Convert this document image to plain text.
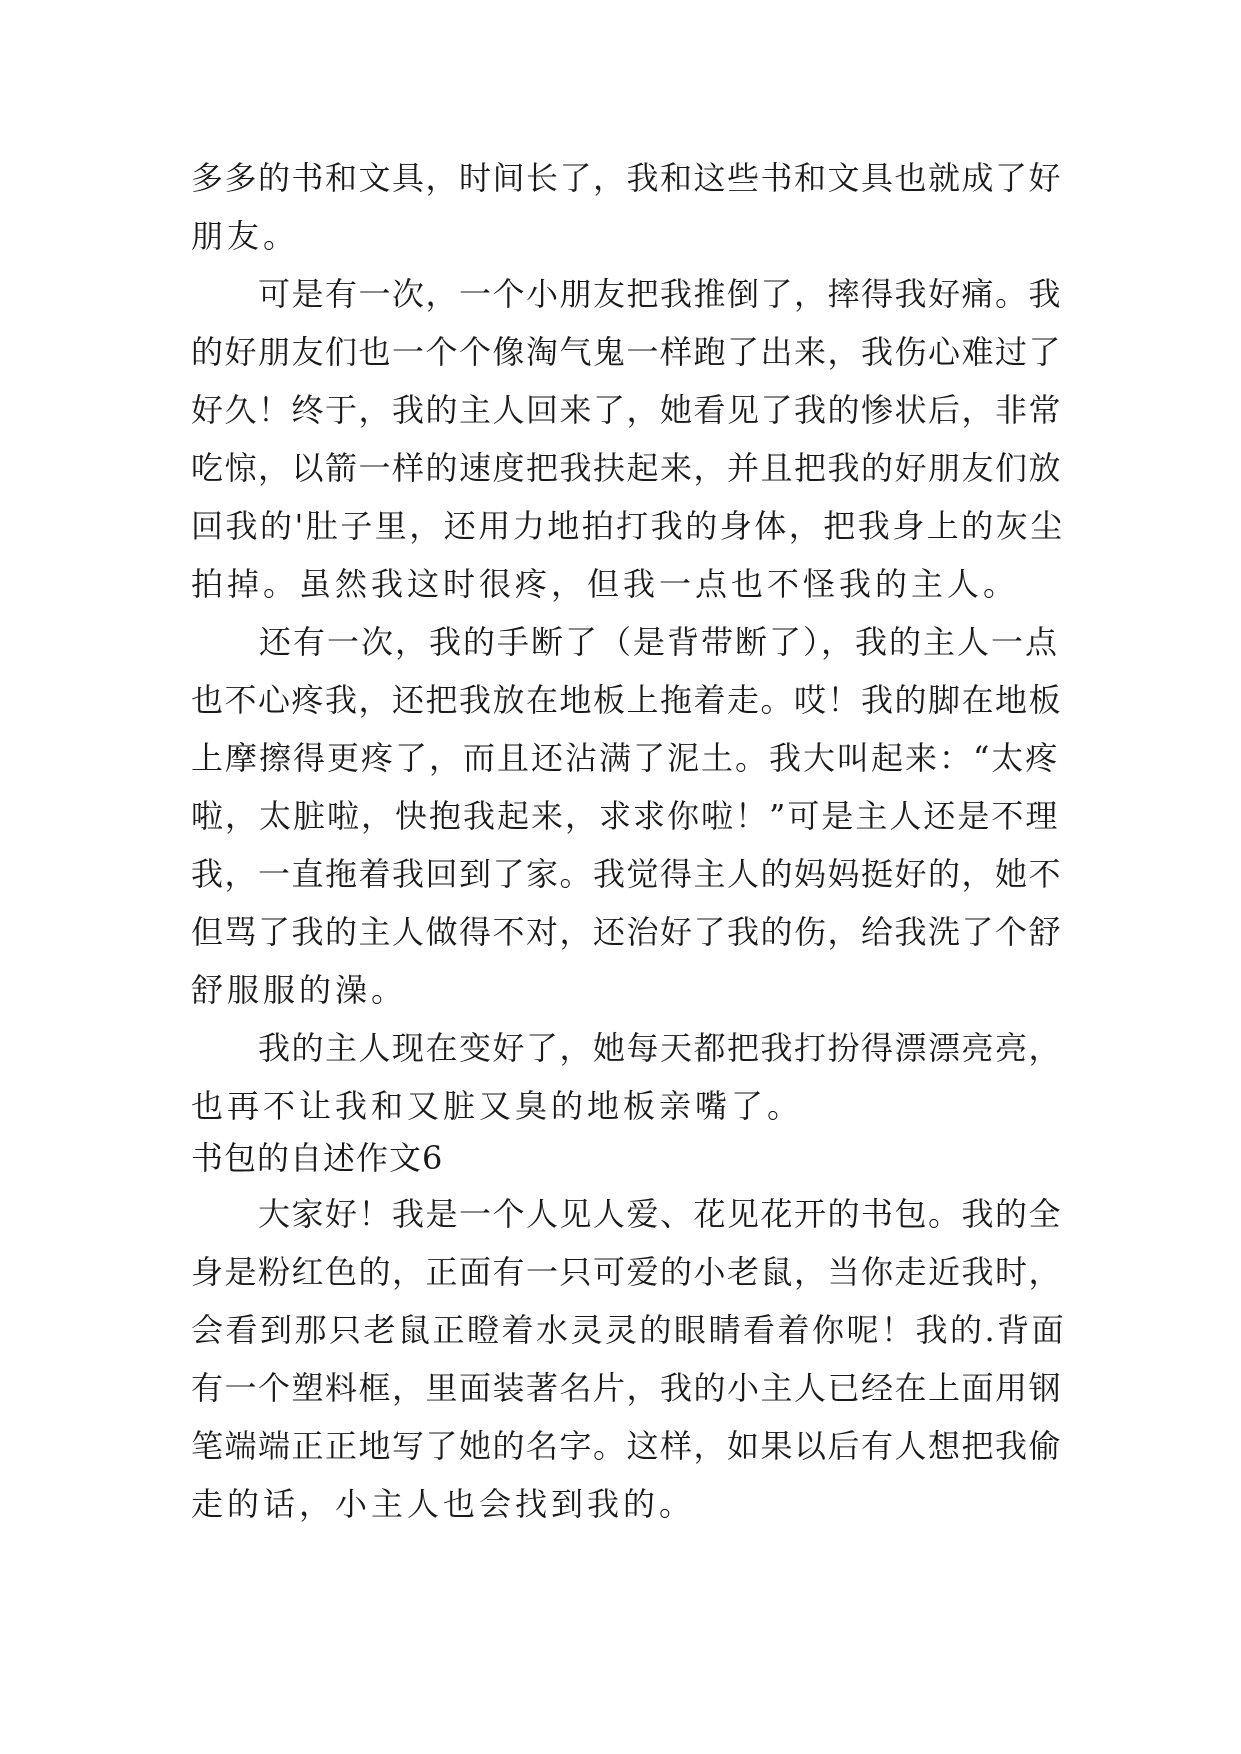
多多的书和文具，时间长了，我和这些书和文具也就成了好
朋友。
　　可是有一次，一个小朋友把我推倒了，摔得我好痛。我
的好朋友们也一个个像淘气鬼一样跑了出来，我伤心难过了
好久！终于，我的主人回来了，她看见了我的惨状后，非常
吃惊，以箭一样的速度把我扶起来，并且把我的好朋友们放
回我的'肚子里，还用力地拍打我的身体，把我身上的灰尘
拍掉。虽然我这时很疼，但我一点也不怪我的主人。
　　还有一次，我的手断了（是背带断了），我的主人一点
也不心疼我，还把我放在地板上拖着走。哎！我的脚在地板
上摩擦得更疼了，而且还沾满了泥土。我大叫起来：“太疼
啦，太脏啦，快抱我起来，求求你啦！”可是主人还是不理
我，一直拖着我回到了家。我觉得主人的妈妈挺好的，她不
但骂了我的主人做得不对，还治好了我的伤，给我洗了个舒
舒服服的澡。
　　我的主人现在变好了，她每天都把我打扮得漂漂亮亮，
也再不让我和又脏又臭的地板亲嘴了。
书包的自述作文6
　　大家好！我是一个人见人爱、花见花开的书包。我的全
身是粉红色的，正面有一只可爱的小老鼠，当你走近我时，
会看到那只老鼠正瞪着水灵灵的眼睛看着你呢！我的.背面
有一个塑料框，里面装著名片，我的小主人已经在上面用钢
笔端端正正地写了她的名字。这样，如果以后有人想把我偷
走的话，小主人也会找到我的。
